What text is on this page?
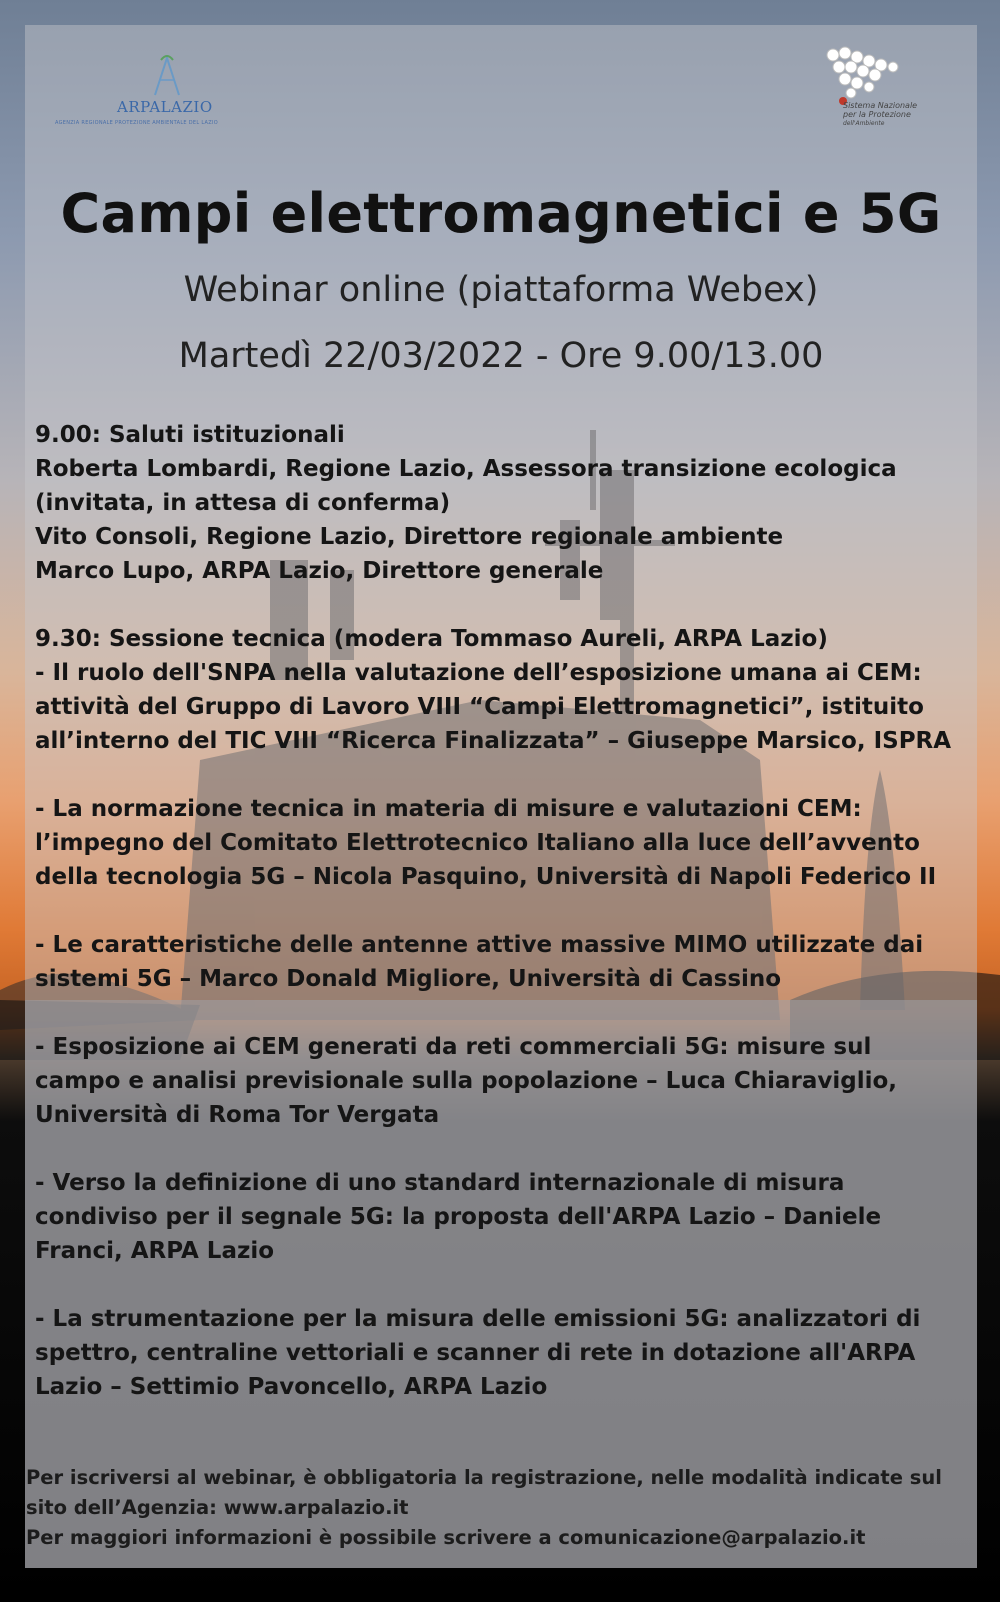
ARPALAZIO
AGENZIA REGIONALE PROTEZIONE AMBIENTALE DEL LAZIO
Sistema Nazionale
per la Protezione
dell'Ambiente
Campi elettromagnetici e 5G
Webinar online (piattaforma Webex)
Martedì 22/03/2022 - Ore 9.00/13.00

9.00: Saluti istituzionali

Roberta Lombardi, Regione Lazio, Assessora transizione ecologica

(invitata, in attesa di conferma)

Vito Consoli, Regione Lazio, Direttore regionale ambiente

Marco Lupo, ARPA Lazio, Direttore generale

9.30: Sessione tecnica (modera Tommaso Aureli, ARPA Lazio)

- Il ruolo dell'SNPA nella valutazione dell’esposizione umana ai CEM:

attività del Gruppo di Lavoro VIII “Campi Elettromagnetici”, istituito

all’interno del TIC VIII “Ricerca Finalizzata” – Giuseppe Marsico, ISPRA

- La normazione tecnica in materia di misure e valutazioni CEM:

l’impegno del Comitato Elettrotecnico Italiano alla luce dell’avvento

della tecnologia 5G – Nicola Pasquino, Università di Napoli Federico II

- Le caratteristiche delle antenne attive massive MIMO utilizzate dai

sistemi 5G – Marco Donald Migliore, Università di Cassino

- Esposizione ai CEM generati da reti commerciali 5G: misure sul

campo e analisi previsionale sulla popolazione – Luca Chiaraviglio,

Università di Roma Tor Vergata

- Verso la definizione di uno standard internazionale di misura

condiviso per il segnale 5G: la proposta dell'ARPA Lazio – Daniele

Franci, ARPA Lazio

- La strumentazione per la misura delle emissioni 5G: analizzatori di

spettro, centraline vettoriali e scanner di rete in dotazione all'ARPA

Lazio – Settimio Pavoncello, ARPA Lazio

Per iscriversi al webinar, è obbligatoria la registrazione, nelle modalità indicate sul

sito dell’Agenzia: www.arpalazio.it

Per maggiori informazioni è possibile scrivere a comunicazione@arpalazio.it
